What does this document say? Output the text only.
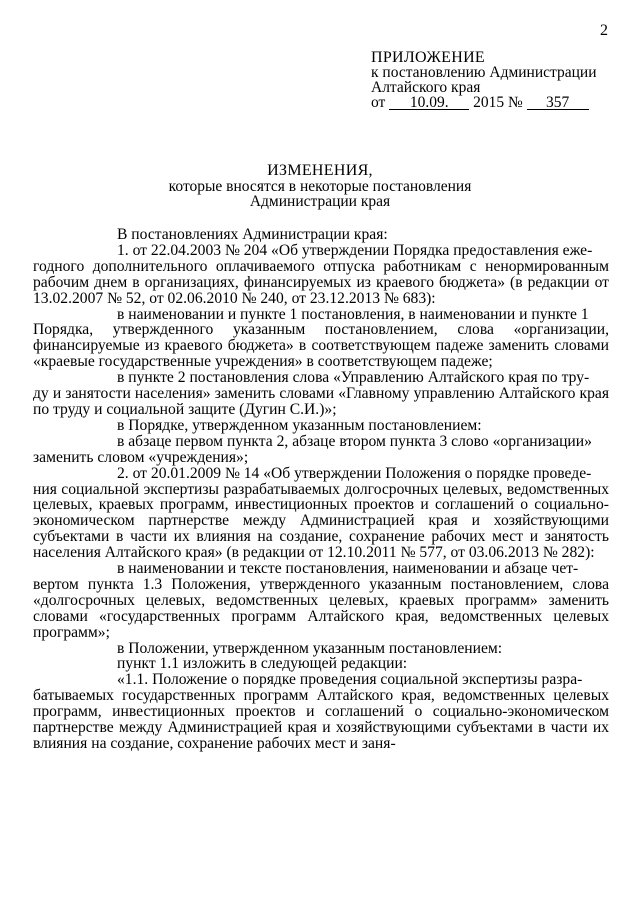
2
ПРИЛОЖЕНИЕ
к постановлению Администрации
Алтайского края
от 10.09. 2015 № 357
ИЗМЕНЕНИЯ,
которые вносятся в некоторые постановления
Администрации края
В постановлениях Администрации края:
1. от 22.04.2003 № 204 «Об утверждении Порядка предоставления еже-
годного дополнительного оплачиваемого отпуска работникам с ненормированным рабочим днем в организациях, финансируемых из краевого бюджета» (в редакции от 13.02.2007 № 52, от 02.06.2010 № 240, от 23.12.2013 № 683):
в наименовании и пункте 1 постановления, в наименовании и пункте 1
Порядка, утвержденного указанным постановлением, слова «организации, финансируемые из краевого бюджета» в соответствующем падеже заменить словами «краевые государственные учреждения» в соответствующем падеже;
в пункте 2 постановления слова «Управлению Алтайского края по тру-
ду и занятости населения» заменить словами «Главному управлению Алтайского края по труду и социальной защите (Дугин С.И.)»;
в Порядке, утвержденном указанным постановлением:
в абзаце первом пункта 2, абзаце втором пункта 3 слово «организации»
заменить словом «учреждения»;
2. от 20.01.2009 № 14 «Об утверждении Положения о порядке проведе-
ния социальной экспертизы разрабатываемых долгосрочных целевых, ведомственных целевых, краевых программ, инвестиционных проектов и соглашений о социально-экономическом партнерстве между Администрацией края и хозяйствующими субъектами в части их влияния на создание, сохранение рабочих мест и занятость населения Алтайского края» (в редакции от 12.10.2011 № 577, от 03.06.2013 № 282):
в наименовании и тексте постановления, наименовании и абзаце чет-
вертом пункта 1.3 Положения, утвержденного указанным постановлением, слова «долгосрочных целевых, ведомственных целевых, краевых программ» заменить словами «государственных программ Алтайского края, ведомственных целевых программ»;
в Положении, утвержденном указанным постановлением:
пункт 1.1 изложить в следующей редакции:
«1.1. Положение о порядке проведения социальной экспертизы разра-
батываемых государственных программ Алтайского края, ведомственных целевых программ, инвестиционных проектов и соглашений о социально-экономическом партнерстве между Администрацией края и хозяйствующими субъектами в части их влияния на создание, сохранение рабочих мест и заня-
